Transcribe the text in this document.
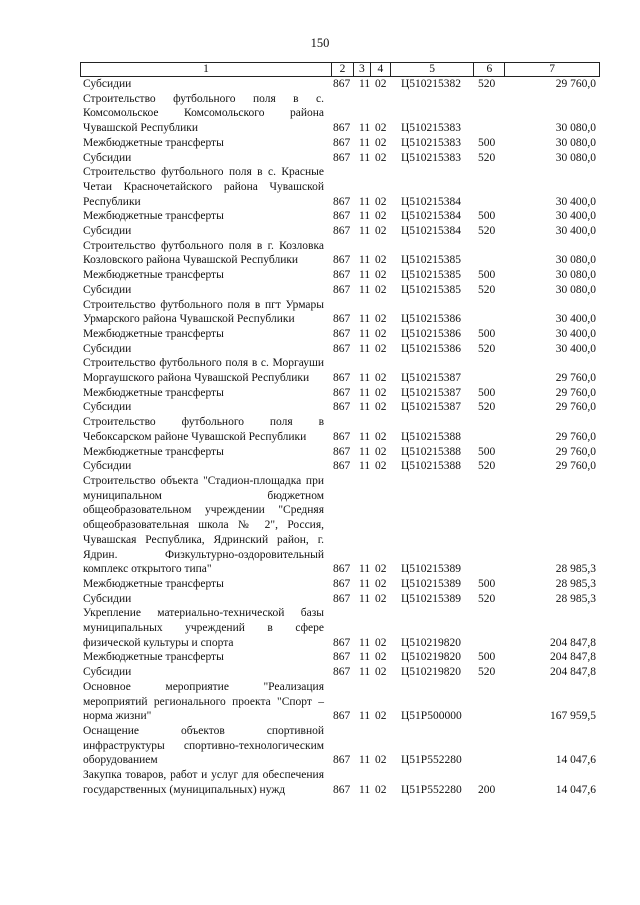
150
1	2	3	4	5	6	7
Субсидии	867 11 02	Ц510215382	520	29 760,0
Строительство футбольного поля в с. Комсомольское Комсомольского района Чувашской Республики	867 11 02	Ц510215383	30 080,0
Межбюджетные трансферты	867 11 02	Ц510215383	500	30 080,0
Субсидии	867 11 02	Ц510215383	520	30 080,0
Строительство футбольного поля в с. Красные Четаи Красночетайского района Чувашской Республики	867 11 02	Ц510215384	30 400,0
Межбюджетные трансферты	867 11 02	Ц510215384	500	30 400,0
Субсидии	867 11 02	Ц510215384	520	30 400,0
Строительство футбольного поля в г. Козловка Козловского района Чувашской Республики	867 11 02	Ц510215385	30 080,0
Межбюджетные трансферты	867 11 02	Ц510215385	500	30 080,0
Субсидии	867 11 02	Ц510215385	520	30 080,0
Строительство футбольного поля в пгт Урмары Урмарского района Чувашской Республики	867 11 02	Ц510215386	30 400,0
Межбюджетные трансферты	867 11 02	Ц510215386	500	30 400,0
Субсидии	867 11 02	Ц510215386	520	30 400,0
Строительство футбольного поля в с. Моргауши Моргаушского района Чувашской Республики	867 11 02	Ц510215387	29 760,0
Межбюджетные трансферты	867 11 02	Ц510215387	500	29 760,0
Субсидии	867 11 02	Ц510215387	520	29 760,0
Строительство футбольного поля в Чебоксарском районе Чувашской Республики	867 11 02	Ц510215388	29 760,0
Межбюджетные трансферты	867 11 02	Ц510215388	500	29 760,0
Субсидии	867 11 02	Ц510215388	520	29 760,0
Строительство объекта "Стадион-площадка при муниципальном бюджетном общеобразовательном учреждении "Средняя общеобразовательная школа № 2", Россия, Чувашская Республика, Ядринский район, г. Ядрин. Физкультурно-оздоровительный комплекс открытого типа"	867 11 02	Ц510215389	28 985,3
Межбюджетные трансферты	867 11 02	Ц510215389	500	28 985,3
Субсидии	867 11 02	Ц510215389	520	28 985,3
Укрепление материально-технической базы муниципальных учреждений в сфере физической культуры и спорта	867 11 02	Ц510219820	204 847,8
Межбюджетные трансферты	867 11 02	Ц510219820	500	204 847,8
Субсидии	867 11 02	Ц510219820	520	204 847,8
Основное мероприятие "Реализация мероприятий регионального проекта "Спорт – норма жизни"	867 11 02	Ц51Р500000	167 959,5
Оснащение объектов спортивной инфраструктуры спортивно-технологическим оборудованием	867 11 02	Ц51Р552280	14 047,6
Закупка товаров, работ и услуг для обеспечения государственных (муниципальных) нужд	867 11 02	Ц51Р552280	200	14 047,6
